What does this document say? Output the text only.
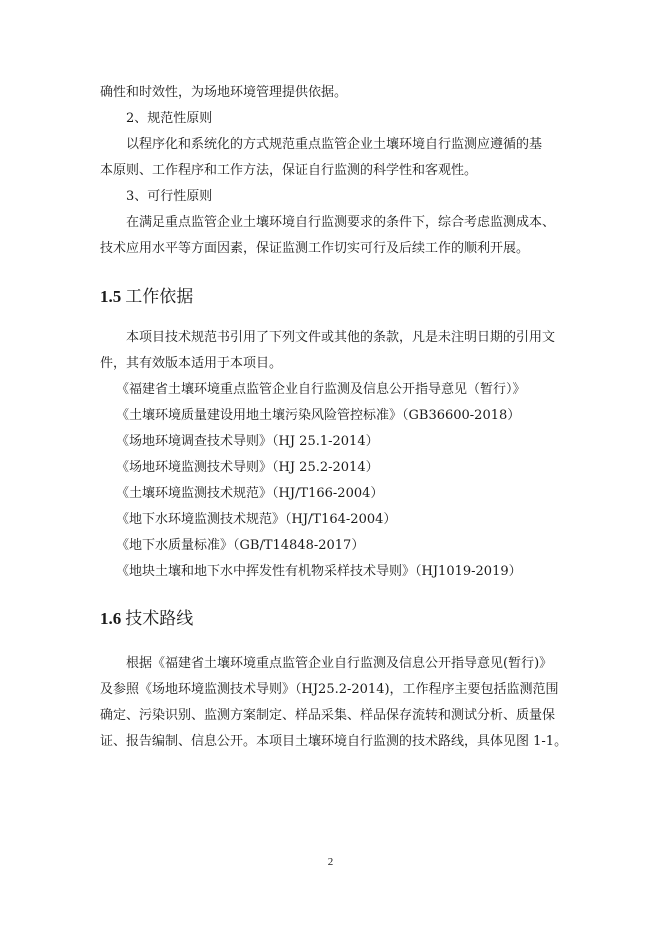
确性和时效性，为场地环境管理提供依据。
2、规范性原则
以程序化和系统化的方式规范重点监管企业土壤环境自行监测应遵循的基
本原则、工作程序和工作方法，保证自行监测的科学性和客观性。
3、可行性原则
在满足重点监管企业土壤环境自行监测要求的条件下，综合考虑监测成本、
技术应用水平等方面因素，保证监测工作切实可行及后续工作的顺利开展。
1.5 工作依据
本项目技术规范书引用了下列文件或其他的条款，凡是未注明日期的引用文
件，其有效版本适用于本项目。
《福建省土壤环境重点监管企业自行监测及信息公开指导意见（暂行）》
《土壤环境质量建设用地土壤污染风险管控标准》（GB36600-2018）
《场地环境调查技术导则》（HJ 25.1-2014）
《场地环境监测技术导则》（HJ 25.2-2014）
《土壤环境监测技术规范》（HJ/T166-2004）
《地下水环境监测技术规范》（HJ/T164-2004）
《地下水质量标准》（GB/T14848-2017）
《地块土壤和地下水中挥发性有机物采样技术导则》（HJ1019-2019）
1.6 技术路线
根据《福建省土壤环境重点监管企业自行监测及信息公开指导意见(暂行)》
及参照《场地环境监测技术导则》（HJ25.2-2014)，工作程序主要包括监测范围
确定、污染识别、监测方案制定、样品采集、样品保存流转和测试分析、质量保
证、报告编制、信息公开。本项目土壤环境自行监测的技术路线，具体见图 1-1。
2
